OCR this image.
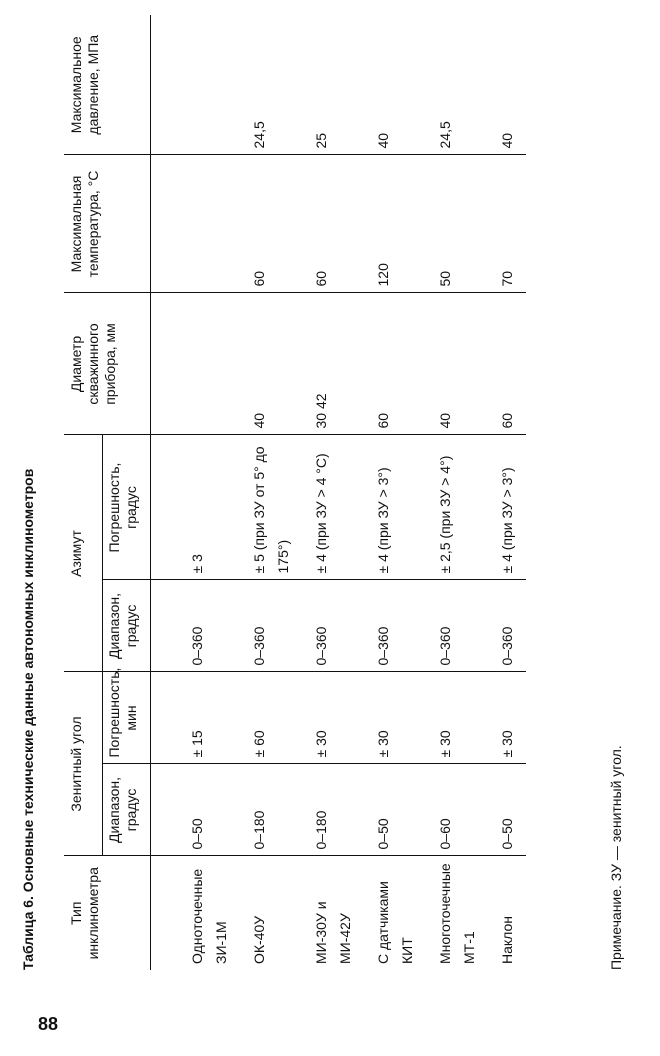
88
Таблица 6. Основные технические данные автономных инклинометров Тип инклинометра	Зенитный угол		Азимут		Диаметр скважинного прибора, мм	Максимальная температура, °С	Максимальное давление, МПа
	Диапазон, градус	Погрешность, мин	Диапазон, градус	Погрешность, градус			
Одноточечные ЗИ-1М	0–50	± 15	0–360	± 3			
ОК-40У	0–180	± 60	0–360	± 5 (при ЗУ от 5° до 175°)	40	60	24,5
МИ-30У и МИ-42У	0–180	± 30	0–360	± 4 (при ЗУ > 4 °С)	30 42	60	25
С датчиками КИТ	0–50	± 30	0–360	± 4 (при ЗУ > 3°)	60	120	40
Многоточечные МТ-1	0–60	± 30	0–360	± 2,5 (при ЗУ > 4°)	40	50	24,5
Наклон	0–50	± 30	0–360	± 4 (при ЗУ > 3°)	60	70	40
Примечание. ЗУ — зенитный угол.
